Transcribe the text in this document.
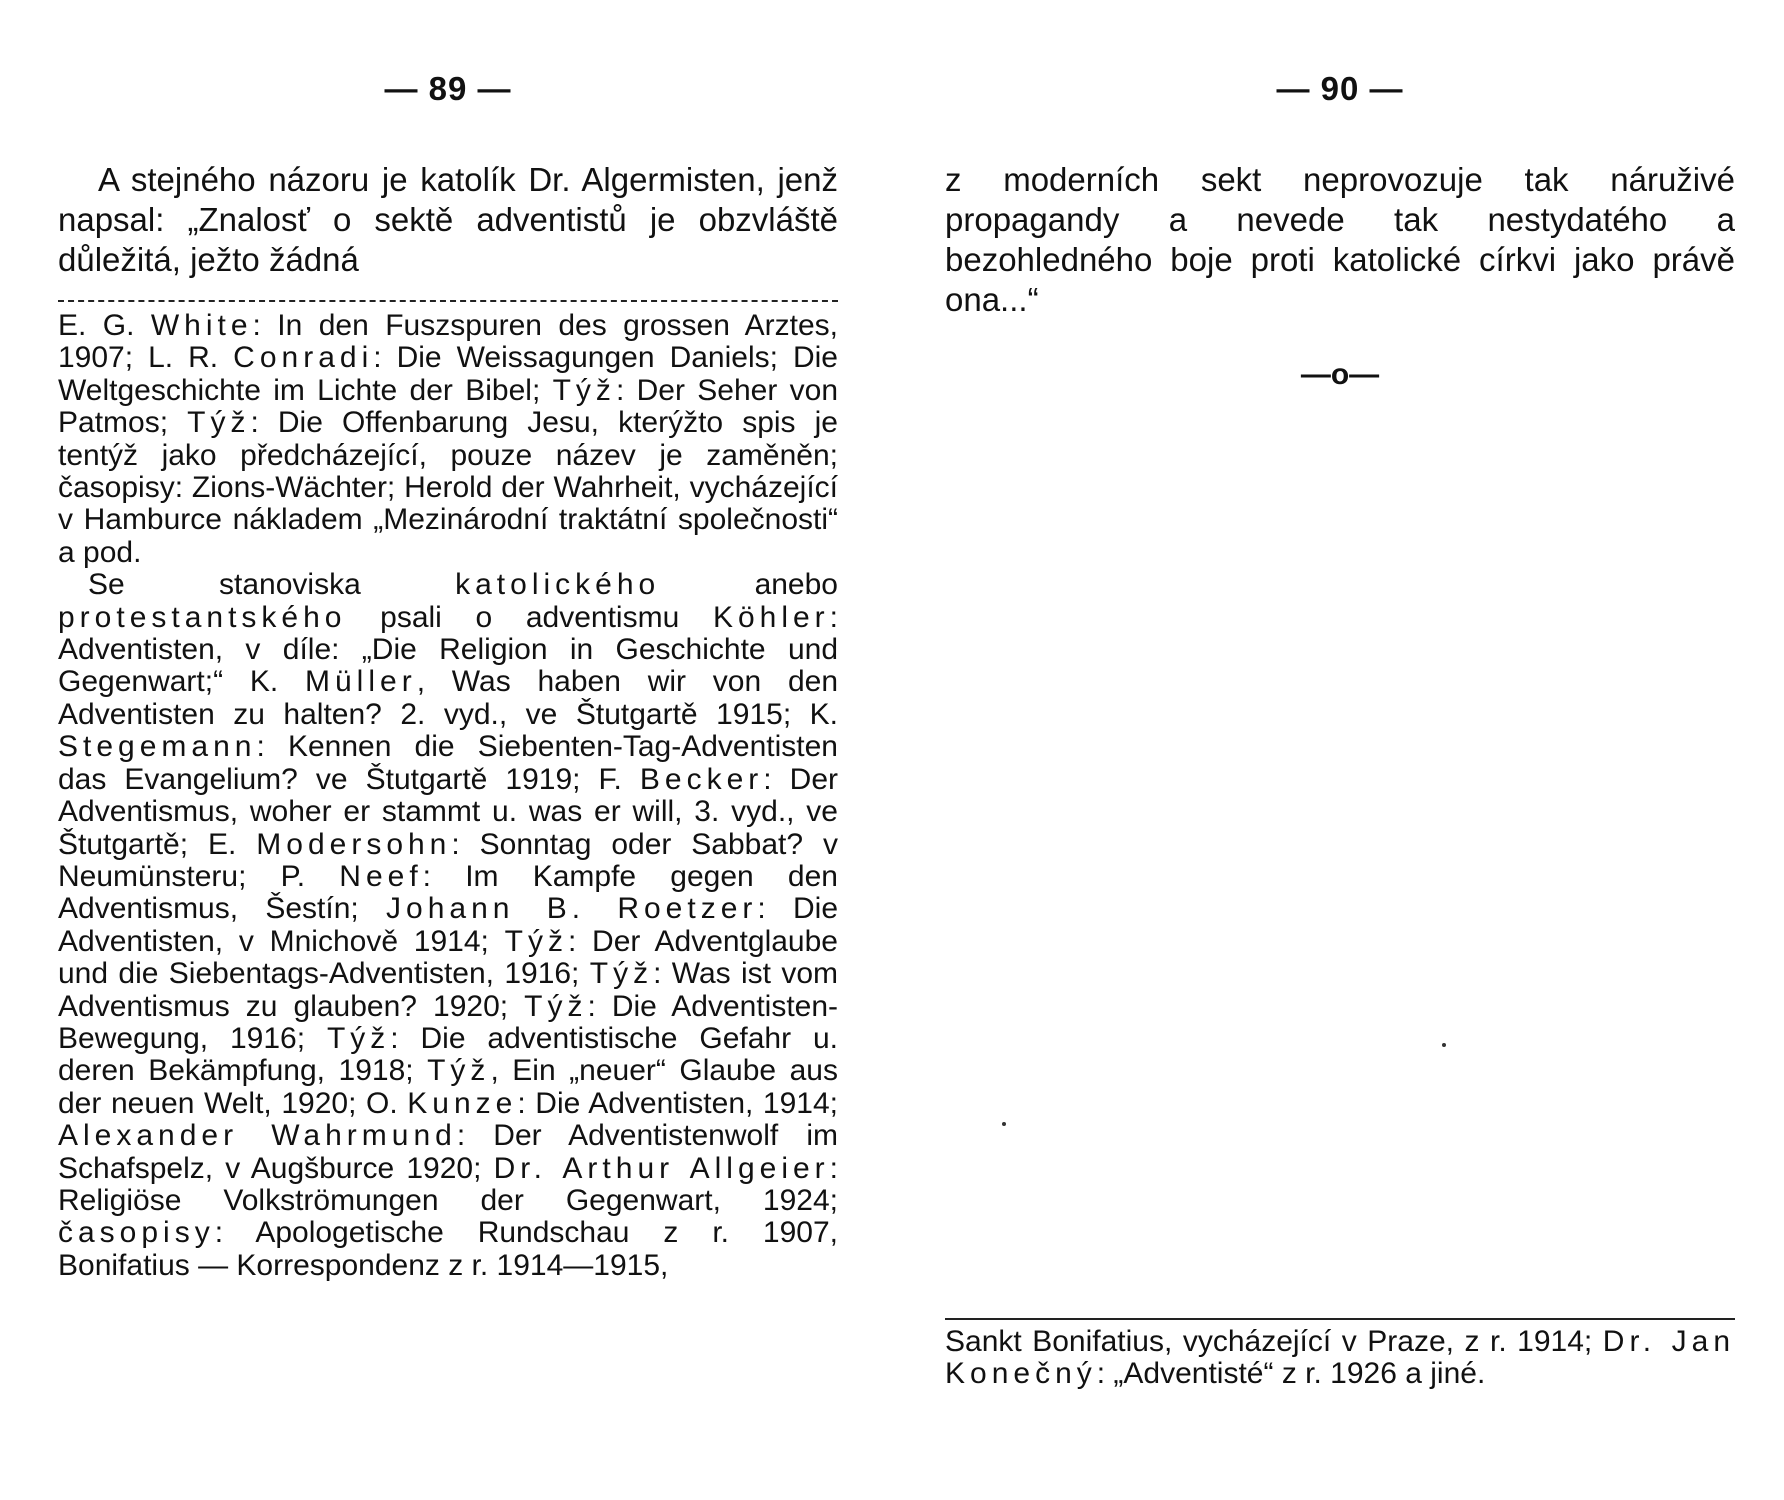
— 89 —
A stejného názoru je katolík Dr. Algermisten, jenž napsal: „Znalosť o sektě adventistů je obzvláště důležitá, ježto žádná

E. G. White: In den Fuszspuren des grossen Arztes, 1907; L. R. Conradi: Die Weissagungen Daniels; Die Weltgeschichte im Lichte der Bibel; Týž: Der Seher von Patmos; Týž: Die Offenbarung Jesu, kterýžto spis je tentýž jako předcházející, pouze název je zaměněn; časopisy: Zions-Wächter; Herold der Wahrheit, vycházející v Hamburce nákladem „Mezinárodní traktátní společnosti“ a pod.

Se stanoviska katolického anebo protestantského psali o adventismu Köhler: Adventisten, v díle: „Die Religion in Geschichte und Gegenwart;“ K. Müller, Was haben wir von den Adventisten zu halten? 2. vyd., ve Štutgartě 1915; K. Stegemann: Kennen die Siebenten-Tag-Adventisten das Evangelium? ve Štutgartě 1919; F. Becker: Der Adventismus, woher er stammt u. was er will, 3. vyd., ve Štutgartě; E. Modersohn: Sonntag oder Sabbat? v Neumünsteru; P. Neef: Im Kampfe gegen den Adventismus, Šestín; Johann B. Roetzer: Die Adventisten, v Mnichově 1914; Týž: Der Adventglaube und die Siebentags-Adventisten, 1916; Týž: Was ist vom Adventismus zu glauben? 1920; Týž: Die Adventisten-Bewegung, 1916; Týž: Die adventistische Gefahr u. deren Bekämpfung, 1918; Týž, Ein „neuer“ Glaube aus der neuen Welt, 1920; O. Kunze: Die Adventisten, 1914; Alexander Wahrmund: Der Adventistenwolf im Schafspelz, v Augšburce 1920; Dr. Arthur Allgeier: Religiöse Volkströmungen der Gegenwart, 1924; časopisy: Apologetische Rundschau z r. 1907, Bonifatius — Korrespondenz z r. 1914—1915,

— 90 —
z moderních sekt neprovozuje tak náruživé propagandy a nevede tak nestydatého a bezohledného boje proti katolické církvi jako právě ona...“
—o—

Sankt Bonifatius, vycházející v Praze, z r. 1914; Dr. Jan Konečný: „Adventisté“ z r. 1926 a jiné.
